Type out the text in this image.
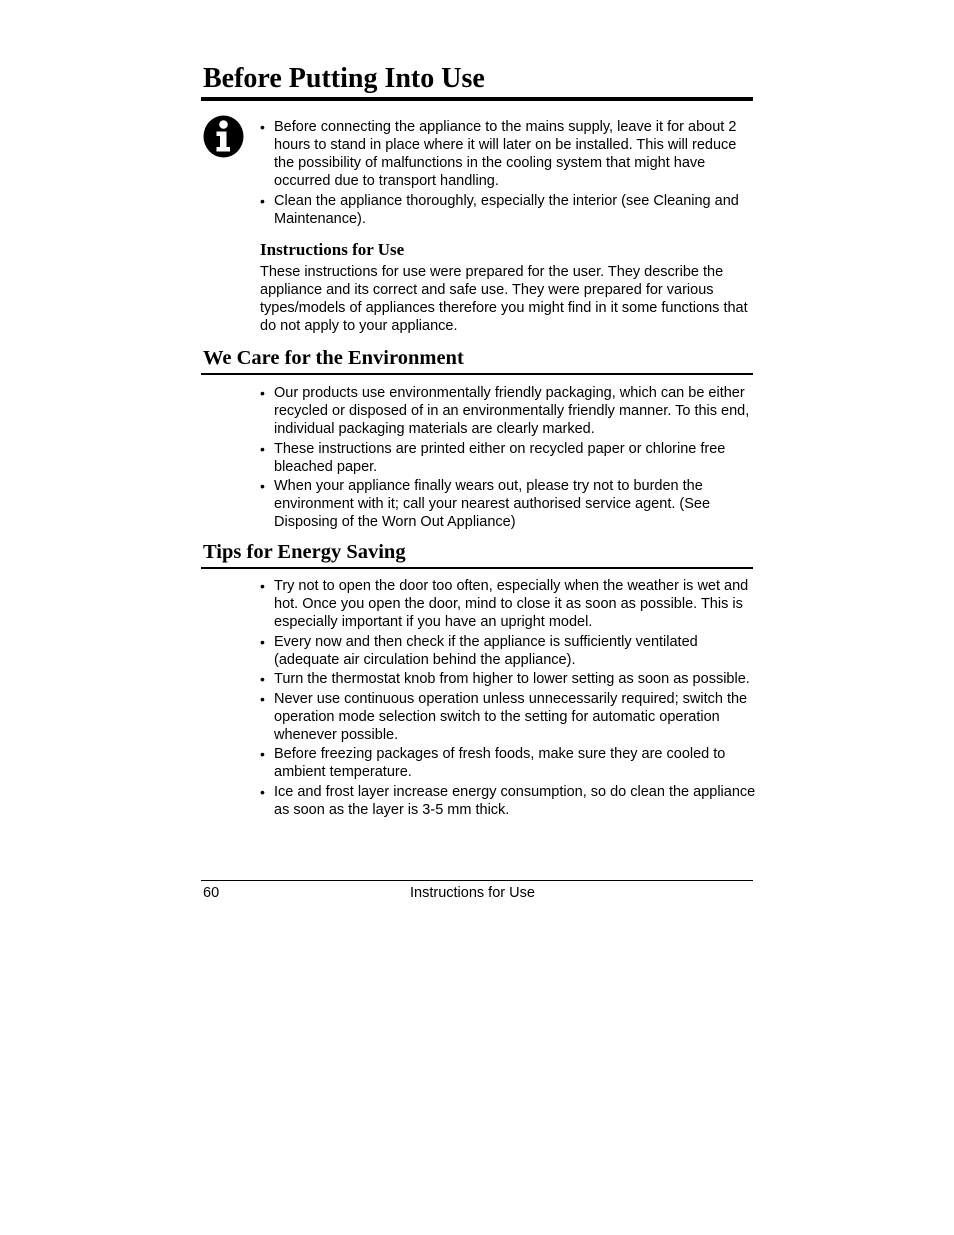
Before Putting Into Use
• Before connecting the appliance to the mains supply, leave it for about 2 hours to stand in place where it will later on be installed. This will reduce the possibility of malfunctions in the cooling system that might have occurred due to transport handling.
• Clean the appliance thoroughly, especially the interior (see Cleaning and Maintenance).
Instructions for Use

These instructions for use were prepared for the user. They describe the appliance and its correct and safe use. They were prepared for various types/models of appliances therefore you might find in it some functions that do not apply to your appliance.

We Care for the Environment
• Our products use environmentally friendly packaging, which can be either recycled or disposed of in an environmentally friendly manner. To this end, individual packaging materials are clearly marked.
• These instructions are printed either on recycled paper or chlorine free bleached paper.
• When your appliance finally wears out, please try not to burden the environment with it; call your nearest authorised service agent. (See Disposing of the Worn Out Appliance)
Tips for Energy Saving
• Try not to open the door too often, especially when the weather is wet and hot. Once you open the door, mind to close it as soon as possible. This is especially important if you have an upright model.
• Every now and then check if the appliance is sufficiently ventilated (adequate air circulation behind the appliance).
• Turn the thermostat knob from higher to lower setting as soon as possible.
• Never use continuous operation unless unnecessarily required; switch the operation mode selection switch to the setting for automatic operation whenever possible.
• Before freezing packages of fresh foods, make sure they are cooled to ambient temperature.
• Ice and frost layer increase energy consumption, so do clean the appliance as soon as the layer is 3-5 mm thick.
60	Instructions for Use
